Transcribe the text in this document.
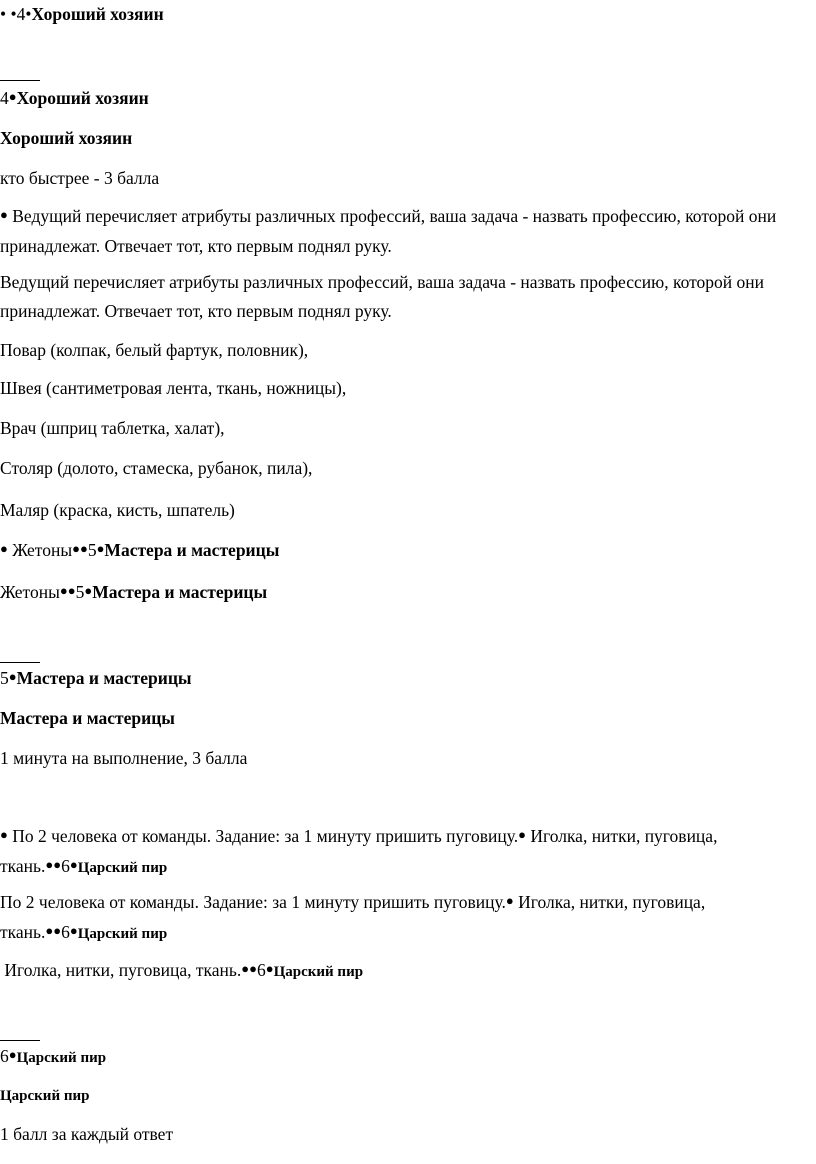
• •4•Хороший хозяин
4●Хороший хозяин
Хороший хозяин
кто быстрее - 3 балла
● Ведущий перечисляет атрибуты различных профессий, ваша задача - назвать профессию, которой они принадлежат. Отвечает тот, кто первым поднял руку.
Ведущий перечисляет атрибуты различных профессий, ваша задача - назвать профессию, которой они принадлежат. Отвечает тот, кто первым поднял руку.
Повар (колпак, белый фартук, половник),
Швея (сантиметровая лента, ткань, ножницы),
Врач (шприц таблетка, халат),
Столяр (долото, стамеска, рубанок, пила),
Маляр (краска, кисть, шпатель)
● Жетоны●●5●Мастера и мастерицы
Жетоны●●5●Мастера и мастерицы
5●Мастера и мастерицы
Мастера и мастерицы
1 минута на выполнение, 3 балла
● По 2 человека от команды. Задание: за 1 минуту пришить пуговицу.● Иголка, нитки, пуговица,
ткань.●●6●Царский пир
По 2 человека от команды. Задание: за 1 минуту пришить пуговицу.● Иголка, нитки, пуговица,
ткань.●●6●Царский пир
Иголка, нитки, пуговица, ткань.●●6●Царский пир
6●Царский пир
Царский пир
1 балл за каждый ответ
